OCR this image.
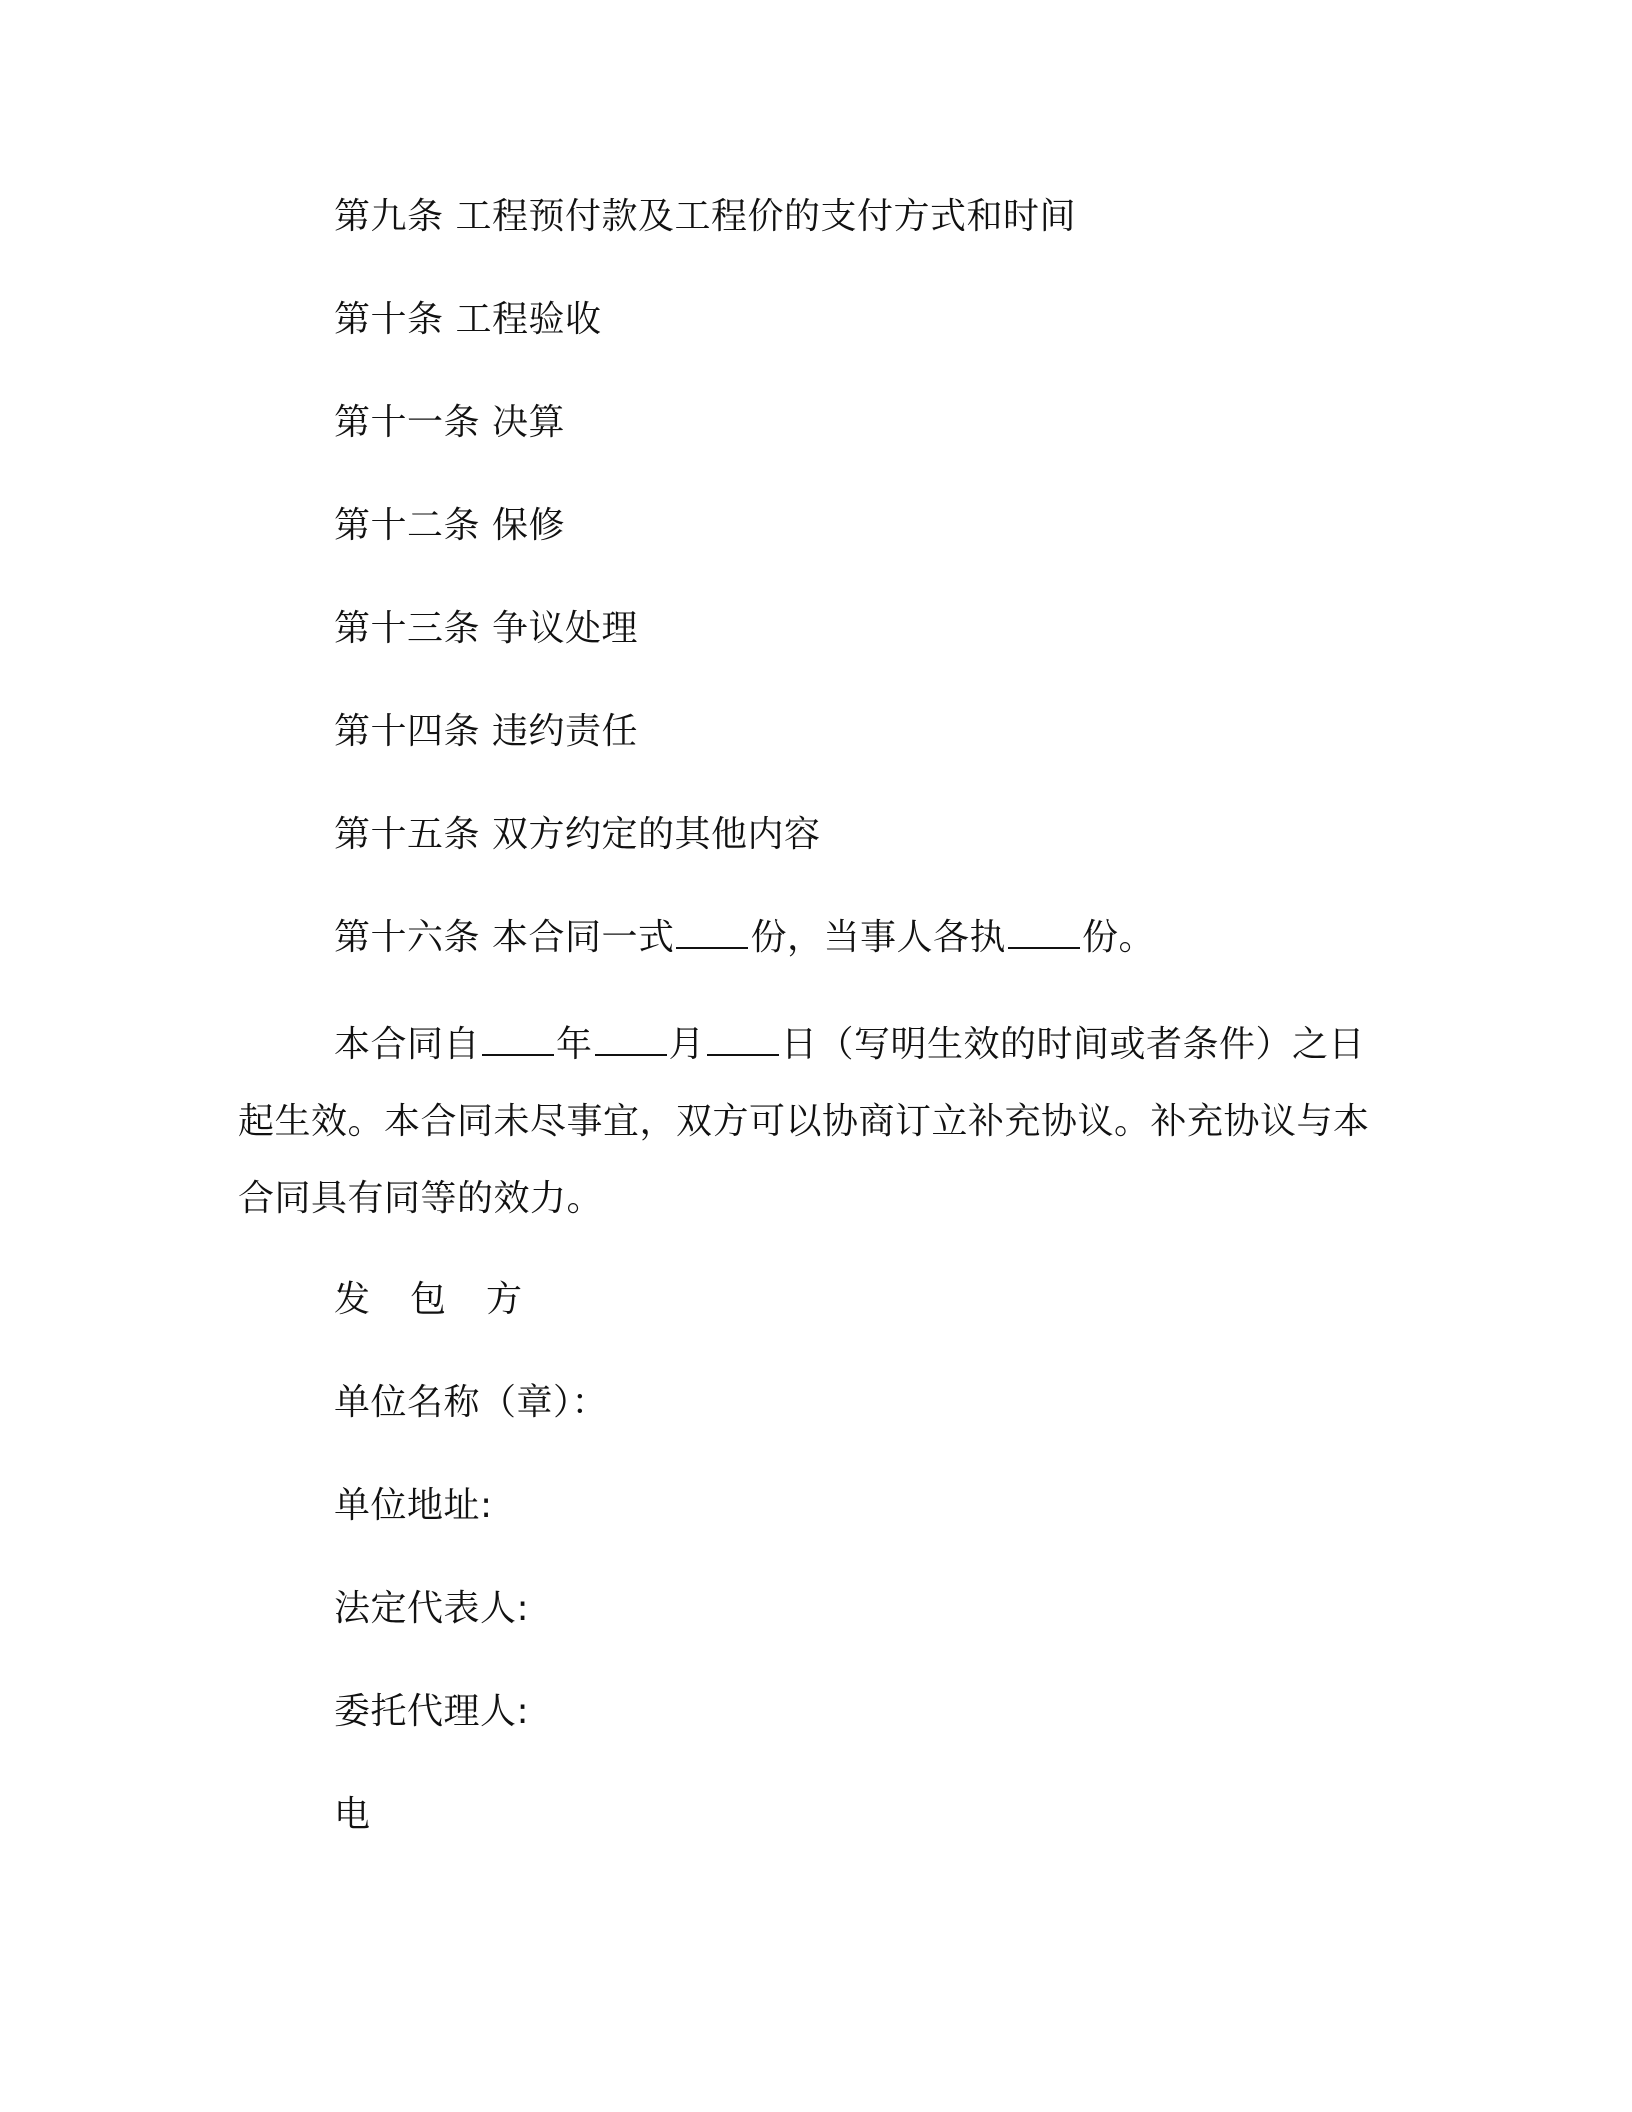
第九条 工程预付款及工程价的支付方式和时间
第十条 工程验收
第十一条 决算
第十二条 保修
第十三条 争议处理
第十四条 违约责任
第十五条 双方约定的其他内容
第十六条 本合同一式 份，当事人各执 份。
本合同自 年 月 日（写明生效的时间或者条件）之日起生效。本合同未尽事宜，双方可以协商订立补充协议。补充协议与本合同具有同等的效力。
发包方
单位名称（章）：
单位地址:
法定代表人:
委托代理人:
电
